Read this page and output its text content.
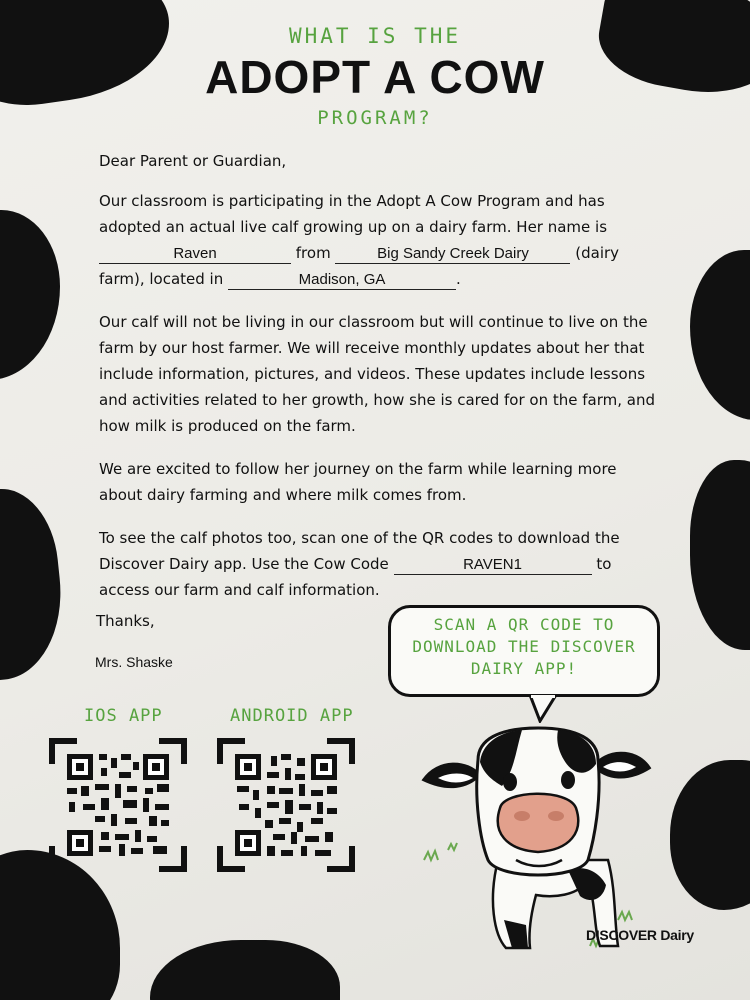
WHAT IS THE
ADOPT A COW
PROGRAM?

Dear Parent or Guardian,

Our classroom is participating in the Adopt A Cow Program and has adopted an actual live calf growing up on a dairy farm. Her name is Raven	from	Big Sandy Creek Dairy	(dairy farm), located in	Madison, GA	.

Our calf will not be living in our classroom but will continue to live on the farm by our host farmer. We will receive monthly updates about her that include information, pictures, and videos. These updates include lessons and activities related to her growth, how she is cared for on the farm, and how milk is produced on the farm.

We are excited to follow her journey on the farm while learning more about dairy farming and where milk comes from.

To see the calf photos too, scan one of the QR codes to download the Discover Dairy app. Use the Cow Code	RAVEN1	to access our farm and calf information.

Thanks,
Mrs. Shaske
SCAN A QR CODE TO DOWNLOAD THE DISCOVER DAIRY APP!
IOS APP	ANDROID APP
DISCOVER Dairy
